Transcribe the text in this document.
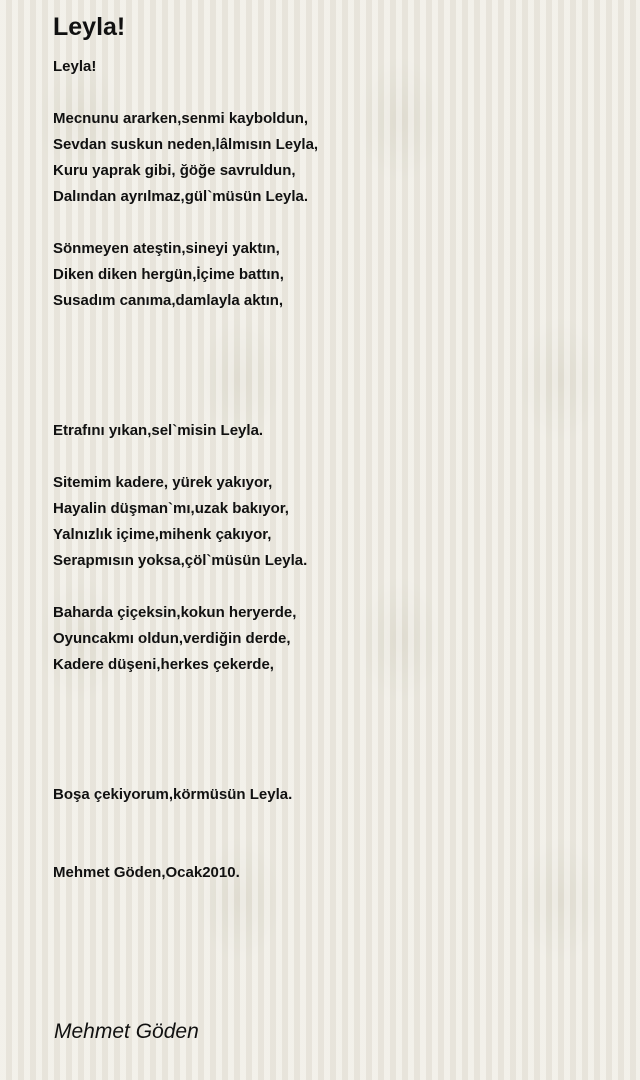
Leyla!
Leyla!
Mecnunu ararken,senmi kayboldun,
Sevdan suskun neden,lâlmısın Leyla,
Kuru yaprak gibi, ğöğe savruldun,
Dalından ayrılmaz,gül`müsün Leyla.
Sönmeyen ateştin,sineyi yaktın,
Diken diken hergün,İçime battın,
Susadım canıma,damlayla aktın,
Etrafını yıkan,sel`misin Leyla.
Sitemim kadere, yürek yakıyor,
Hayalin düşman`mı,uzak bakıyor,
Yalnızlık içime,mihenk çakıyor,
Serapmısın yoksa,çöl`müsün Leyla.
Baharda çiçeksin,kokun heryerde,
Oyuncakmı oldun,verdiğin derde,
Kadere düşeni,herkes çekerde,
Boşa çekiyorum,körmüsün Leyla.
Mehmet Göden,Ocak2010.
Mehmet Göden
